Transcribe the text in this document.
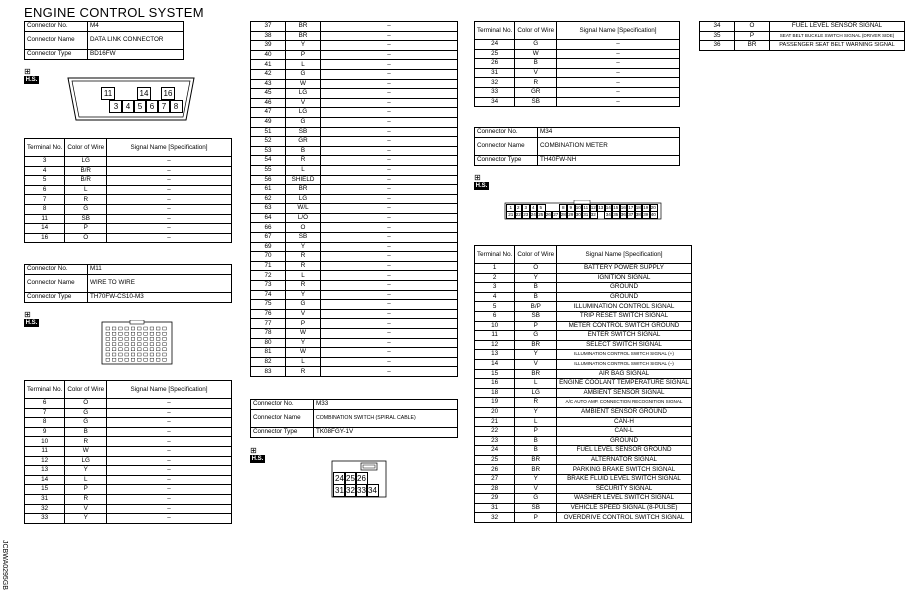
ENGINE CONTROL SYSTEM
JCBWA0295GB
Connector No.	M4
Connector Name	DATA LINK CONNECTOR
Connector Type	BD16FW
⊞
H.S.
11	14	16
3 4 5 6 7 8
Terminal No.	Color of Wire	Signal Name [Specification]
3	LG	–
4	B/R	–
5	B/R	–
6	L	–
7	R	–
8	G	–
11	SB	–
14	P	–
16	O	–
Connector No.	M11
Connector Name	WIRE TO WIRE
Connector Type	TH70FW-CS10-M3
⊞
H.S.
Terminal No.	Color of Wire	Signal Name [Specification]
6	O	–
7	G	–
8	G	–
9	B	–
10	R	–
11	W	–
12	LG	–
13	Y	–
14	L	–
15	P	–
31	R	–
32	V	–
33	Y	–
37	BR	–
38	BR	–
39	Y	–
40	P	–
41	L	–
42	G	–
43	W	–
45	LG	–
46	V	–
47	LG	–
49	G	–
51	SB	–
52	GR	–
53	B	–
54	R	–
55	L	–
56	SHIELD	–
61	BR	–
62	LG	–
63	W/L	–
64	L/O	–
66	O	–
67	SB	–
69	Y	–
70	R	–
71	R	–
72	L	–
73	R	–
74	Y	–
75	G	–
76	V	–
77	P	–
78	W	–
80	Y	–
81	W	–
82	L	–
83	R	–
Connector No.	M33
Connector Name	COMBINATION SWITCH (SPIRAL CABLE)
Connector Type	TK08FGY-1V
⊞
H.S.
24 25 26
31 32 33 34
Terminal No.	Color of Wire	Signal Name [Specification]
24	G	–
25	W	–
26	B	–
31	V	–
32	R	–
33	GR	–
34	SB	–
Connector No.	M34
Connector Name	COMBINATION METER
Connector Type	TH40FW-NH
⊞
H.S.
1	2	3	4	5	8	9 10 11 12 13 14 15 16 17 18 19 20
21 22 23 24 25 26 27 28 29 30 31 32	34 35 36 37 38 39 40
Terminal No.	Color of Wire	Signal Name [Specification]
1	O	BATTERY POWER SUPPLY
2	Y	IGNITION SIGNAL
3	B	GROUND
4	B	GROUND
5	B/P	ILLUMINATION CONTROL SIGNAL
6	SB	TRIP RESET SWITCH SIGNAL
10	P	METER CONTROL SWITCH GROUND
11	G	ENTER SWITCH SIGNAL
12	BR	SELECT SWITCH SIGNAL
13	Y	ILLUMINATION CONTROL SWITCH SIGNAL (+)
14	V	ILLUMINATION CONTROL SWITCH SIGNAL (–)
15	BR	AIR BAG SIGNAL
16	L	ENGINE COOLANT TEMPERATURE SIGNAL
18	LG	AMBIENT SENSOR SIGNAL
19	R	A/C AUTO AMP. CONNECTION RECOGNITION SIGNAL
20	Y	AMBIENT SENSOR GROUND
21	L	CAN-H
22	P	CAN-L
23	B	GROUND
24	B	FUEL LEVEL SENSOR GROUND
25	BR	ALTERNATOR SIGNAL
26	BR	PARKING BRAKE SWITCH SIGNAL
27	Y	BRAKE FLUID LEVEL SWITCH SIGNAL
28	V	SECURITY SIGNAL
29	G	WASHER LEVEL SWITCH SIGNAL
31	SB	VEHICLE SPEED SIGNAL (8-PULSE)
32	P	OVERDRIVE CONTROL SWITCH SIGNAL
34	O	FUEL LEVEL SENSOR SIGNAL
35	P	SEAT BELT BUCKLE SWITCH SIGNAL (DRIVER SIDE)
36	BR	PASSENGER SEAT BELT WARNING SIGNAL
